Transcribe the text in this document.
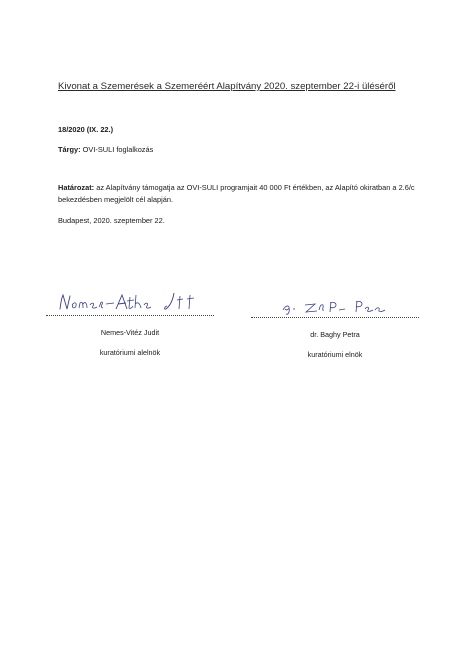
Kivonat a Szemerések a Szemeréért Alapítvány 2020. szeptember 22-i üléséről
18/2020 (IX. 22.)
Tárgy: OVI-SULI foglalkozás
Határozat: az Alapítvány támogatja az OVI-SULI programjait 40 000 Ft értékben, az Alapító okiratban a 2.6/c bekezdésben megjelölt cél alapján.
Budapest, 2020. szeptember 22.
Nemes-Vitéz Judit
kuratóriumi alelnök
dr. Baghy Petra
kuratóriumi elnök
